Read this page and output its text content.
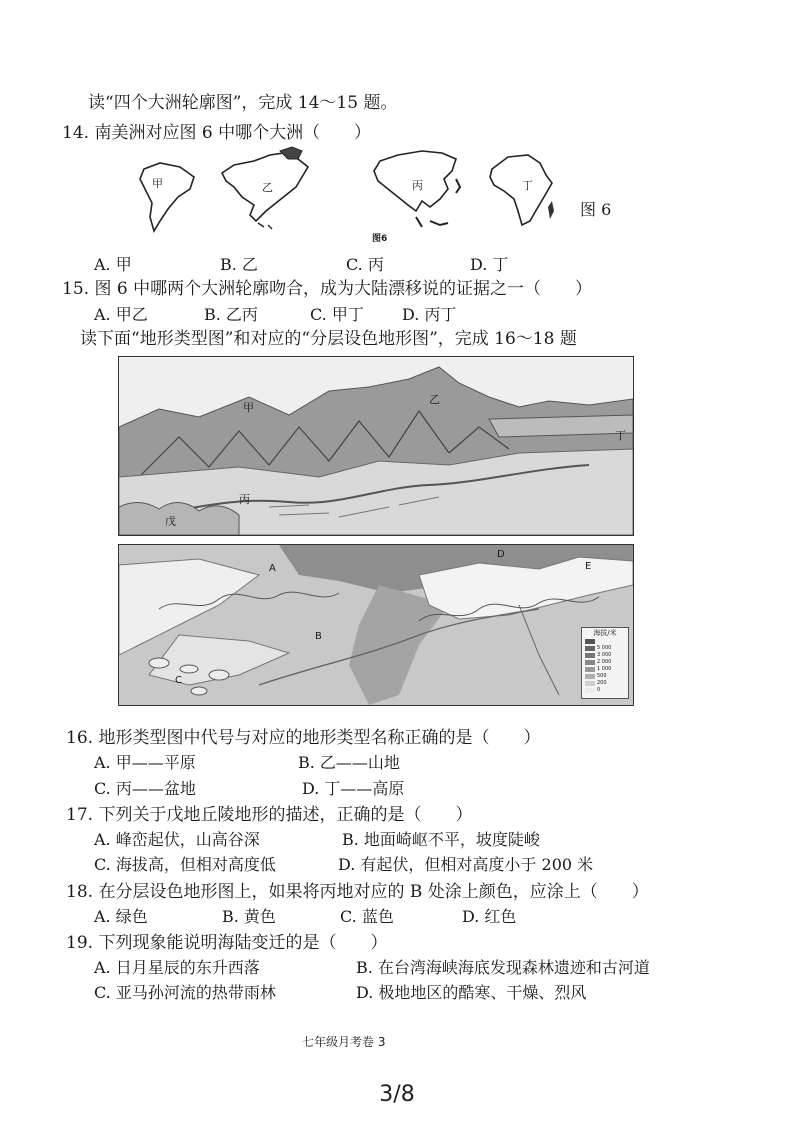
读“四个大洲轮廓图”，完成 14～15 题。
14. 南美洲对应图 6 中哪个大洲（　　）
甲	乙	丙	丁
图6
图 6
A. 甲	B. 乙	C. 丙	D. 丁
15. 图 6 中哪两个大洲轮廓吻合，成为大陆漂移说的证据之一（　　）
A. 甲乙	B. 乙丙	C. 甲丁 D. 丙丁
读下面“地形类型图”和对应的“分层设色地形图”，完成 16～18 题
甲
乙
丙
丁
戊
A
B
C
D
E
海拔/米
5 000
3 000
2 000
1 000
500
200
0
16. 地形类型图中代号与对应的地形类型名称正确的是（　　）
A. 甲——平原	B. 乙——山地
C. 丙——盆地	D. 丁——高原
17. 下列关于戊地丘陵地形的描述，正确的是（　　）
A. 峰峦起伏，山高谷深	B. 地面崎岖不平，坡度陡峻
C. 海拔高，但相对高度低	D. 有起伏，但相对高度小于 200 米
18. 在分层设色地形图上，如果将丙地对应的 B 处涂上颜色，应涂上（　　）
A. 绿色	B. 黄色	C. 蓝色	D. 红色
19. 下列现象能说明海陆变迁的是（　　）
A. 日月星辰的东升西落	B. 在台湾海峡海底发现森林遗迹和古河道
C. 亚马孙河流的热带雨林	D. 极地地区的酷寒、干燥、烈风
七年级月考卷 3
3/8
